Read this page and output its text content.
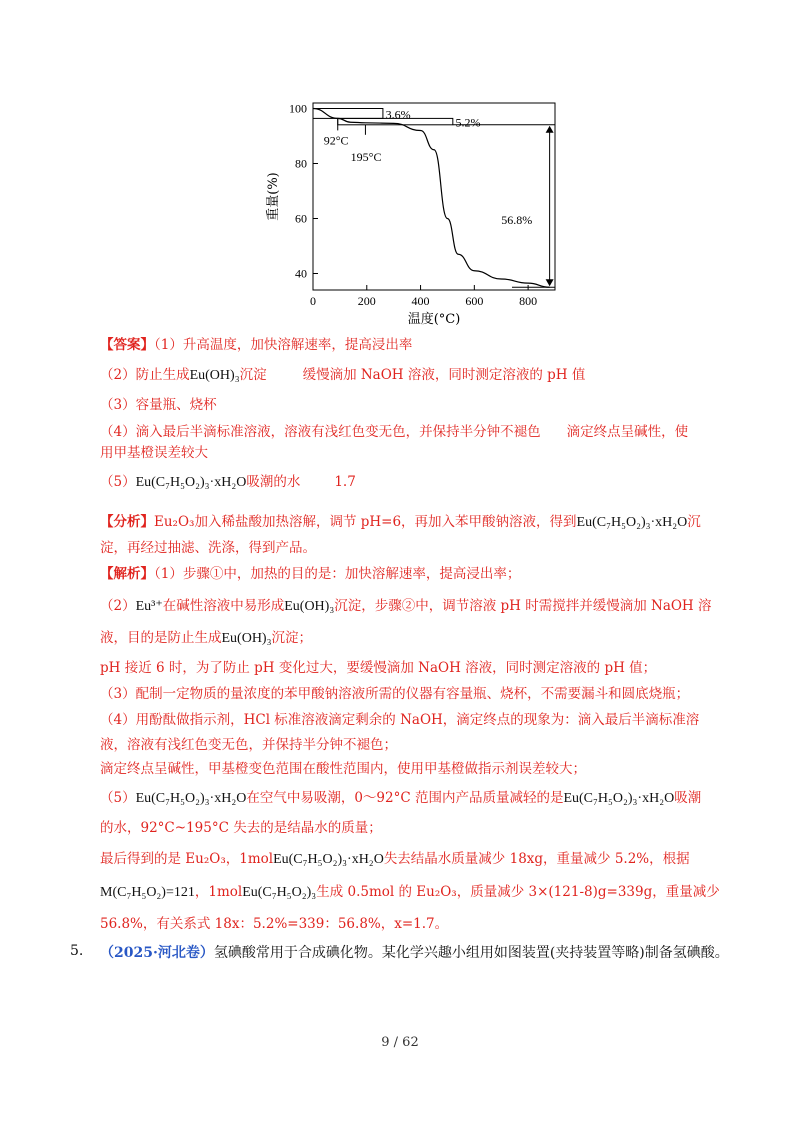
100
80
60
40
0	200	400	600	800
温度(°C)
重量(%)
3.6%
5.2%
92°C
195°C
56.8%
【答案】（1）升高温度，加快溶解速率，提高浸出率
（2）防止生成Eu(OH)₃沉淀	缓慢滴加 NaOH 溶液，同时测定溶液的 pH 值
（3）容量瓶、烧杯
（4）滴入最后半滴标准溶液，溶液有浅红色变无色，并保持半分钟不褪色 滴定终点呈碱性，使
用甲基橙误差较大
（5）Eu(C₇H₅O₂)₃·xH₂O吸潮的水	1.7
【分析】Eu₂O₃加入稀盐酸加热溶解，调节 pH=6，再加入苯甲酸钠溶液，得到Eu(C₇H₅O₂)₃·xH₂O沉
淀，再经过抽滤、洗涤，得到产品。
【解析】（1）步骤①中，加热的目的是：加快溶解速率，提高浸出率；
（2）Eu³⁺在碱性溶液中易形成Eu(OH)₃沉淀，步骤②中，调节溶液 pH 时需搅拌并缓慢滴加 NaOH 溶
液，目的是防止生成Eu(OH)₃沉淀；
pH 接近 6 时，为了防止 pH 变化过大，要缓慢滴加 NaOH 溶液，同时测定溶液的 pH 值；
（3）配制一定物质的量浓度的苯甲酸钠溶液所需的仪器有容量瓶、烧杯，不需要漏斗和圆底烧瓶；
（4）用酚酞做指示剂，HCl 标准溶液滴定剩余的 NaOH，滴定终点的现象为：滴入最后半滴标准溶
液，溶液有浅红色变无色，并保持半分钟不褪色；
滴定终点呈碱性，甲基橙变色范围在酸性范围内，使用甲基橙做指示剂误差较大；
（5）Eu(C₇H₅O₂)₃·xH₂O在空气中易吸潮，0～92°C 范围内产品质量减轻的是Eu(C₇H₅O₂)₃·xH₂O吸潮
的水，92°C~195°C 失去的是结晶水的质量；
最后得到的是 Eu₂O₃，1molEu(C₇H₅O₂)₃·xH₂O失去结晶水质量减少 18xg，重量减少 5.2%，根据
M(C₇H₅O₂)=121，1molEu(C₇H₅O₂)₃生成 0.5mol 的 Eu₂O₃，质量减少 3×(121-8)g=339g，重量减少
56.8%，有关系式 18x：5.2%=339：56.8%，x=1.7。
5. （2025·河北卷）氢碘酸常用于合成碘化物。某化学兴趣小组用如图装置(夹持装置等略)制备氢碘酸。
9 / 62
